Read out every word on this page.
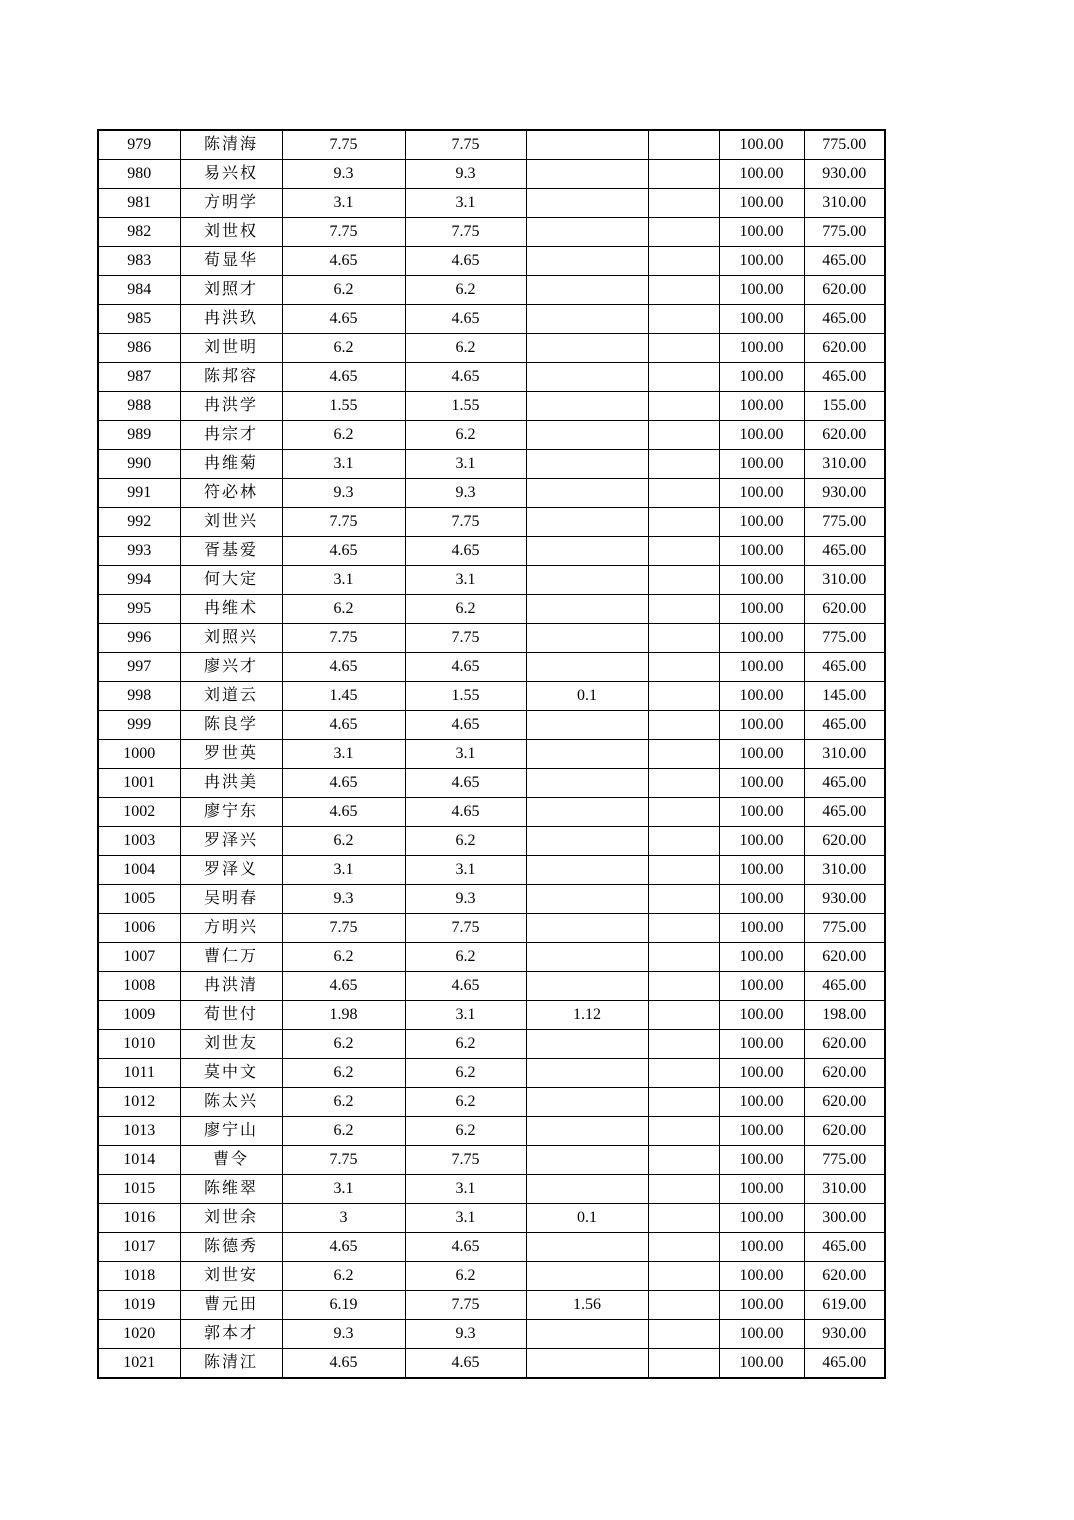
979	陈清海	7.75	7.75			100.00	775.00
980	易兴权	9.3	9.3			100.00	930.00
981	方明学	3.1	3.1			100.00	310.00
982	刘世权	7.75	7.75			100.00	775.00
983	荀显华	4.65	4.65			100.00	465.00
984	刘照才	6.2	6.2			100.00	620.00
985	冉洪玖	4.65	4.65			100.00	465.00
986	刘世明	6.2	6.2			100.00	620.00
987	陈邦容	4.65	4.65			100.00	465.00
988	冉洪学	1.55	1.55			100.00	155.00
989	冉宗才	6.2	6.2			100.00	620.00
990	冉维菊	3.1	3.1			100.00	310.00
991	符必林	9.3	9.3			100.00	930.00
992	刘世兴	7.75	7.75			100.00	775.00
993	胥基爱	4.65	4.65			100.00	465.00
994	何大定	3.1	3.1			100.00	310.00
995	冉维术	6.2	6.2			100.00	620.00
996	刘照兴	7.75	7.75			100.00	775.00
997	廖兴才	4.65	4.65			100.00	465.00
998	刘道云	1.45	1.55	0.1		100.00	145.00
999	陈良学	4.65	4.65			100.00	465.00
1000	罗世英	3.1	3.1			100.00	310.00
1001	冉洪美	4.65	4.65			100.00	465.00
1002	廖宁东	4.65	4.65			100.00	465.00
1003	罗泽兴	6.2	6.2			100.00	620.00
1004	罗泽义	3.1	3.1			100.00	310.00
1005	吴明春	9.3	9.3			100.00	930.00
1006	方明兴	7.75	7.75			100.00	775.00
1007	曹仁万	6.2	6.2			100.00	620.00
1008	冉洪清	4.65	4.65			100.00	465.00
1009	荀世付	1.98	3.1	1.12		100.00	198.00
1010	刘世友	6.2	6.2			100.00	620.00
1011	莫中文	6.2	6.2			100.00	620.00
1012	陈太兴	6.2	6.2			100.00	620.00
1013	廖宁山	6.2	6.2			100.00	620.00
1014	曹令	7.75	7.75			100.00	775.00
1015	陈维翠	3.1	3.1			100.00	310.00
1016	刘世余	3	3.1	0.1		100.00	300.00
1017	陈德秀	4.65	4.65			100.00	465.00
1018	刘世安	6.2	6.2			100.00	620.00
1019	曹元田	6.19	7.75	1.56		100.00	619.00
1020	郭本才	9.3	9.3			100.00	930.00
1021	陈清江	4.65	4.65			100.00	465.00
